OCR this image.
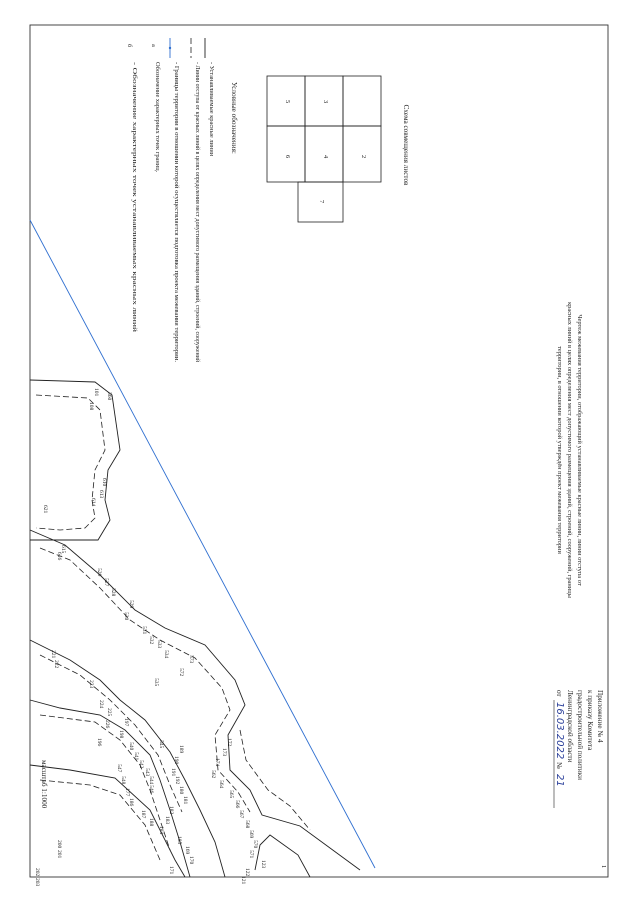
Чертеж межевания территории, отображающий устанавливаемые красные линии, линии отступа от
красных линий в целях определения мест допустимого размещения зданий, строений, сооружений, границы
территории, в отношении которой утверждён проект межевания территории
Приложение № 4
к приказу Комитета
градостроительной политики
Ленинградской области
от
16.03.2022
№
21
Схема совмещения листов
2
3
4
5
6
7
Условные обозначения:
а
б
- Устанавливаемые красные линии
- Линии отступа от красных линий в целях определения мест допустимого размещения зданий, строений, сооружений
- Границы территории в отношении которой осуществляется подготовка проекта межевания территории.
Обозначение характерных точек границ.
- Обозначение характерных точек устанавливаемых красных линий
560
101
108
610
613
614
621
615
616
526
527
528
529
530
531
532 533
534
573
572
535
221
222
223
224
225
226
196
197
198
540
541
542
543
544
545
546
547
548
177
186
187
188
189
190
191
192
180
181
182
183
184
185
169
170
171
172
173
174
562
564
565
566
567
568
569
570
571
123
122
121
200
201
202
203
масштаб 1:1000
1
